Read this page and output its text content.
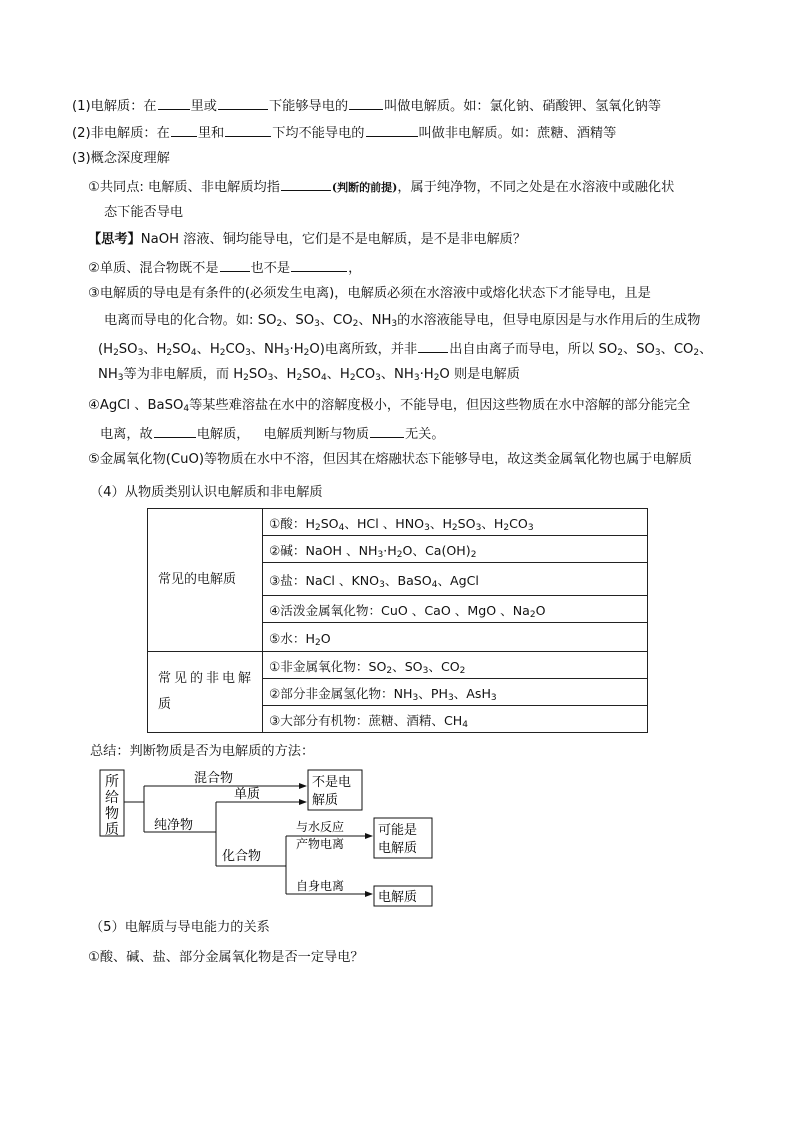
(1)电解质：在	里或	下能够导电的	叫做电解质。如：氯化钠、硝酸钾、氢氧化钠等
(2)非电解质：在 里和	下均不能导电的	叫做非电解质。如：蔗糖、酒精等
(3)概念深度理解
①共同点: 电解质、非电解质均指	(判断的前提)，属于纯净物，不同之处是在水溶液中或融化状
态下能否导电
【思考】NaOH 溶液、铜均能导电，它们是不是电解质，是不是非电解质？
②单质、混合物既不是 也不是	，
③电解质的导电是有条件的(必须发生电离)，电解质必须在水溶液中或熔化状态下才能导电，且是
电离而导电的化合物。如: $SO_2$、$SO_3$、$CO_2$、$NH_3$的水溶液能导电，但导电原因是与水作用后的生成物
($H_2SO_3$、$H_2SO_4$、$H_2CO_3$、$NH_3\cdot H_2O$)电离所致，并非 出自由离子而导电，所以 $SO_2$、$SO_3$、$CO_2$、
$NH_3$等为非电解质，而 $H_2SO_3$、$H_2SO_4$、$H_2CO_3$、$NH_3\cdot H_2O$ 则是电解质
④AgCl 、BaSO$_4$等某些难溶盐在水中的溶解度极小，不能导电，但因这些物质在水中溶解的部分能完全
电离，故	电解质， 电解质判断与物质	无关。
⑤金属氧化物(CuO)等物质在水中不溶，但因其在熔融状态下能够导电，故这类金属氧化物也属于电解质
（4）从物质类别认识电解质和非电解质
常见的电解质	①酸：$H_2SO_4$、HCl 、$HNO_3$、$H_2SO_3$、$H_2CO_3$
	②碱：NaOH 、$NH_3\cdot H_2O$、$Ca(OH)_2$
	③盐：NaCl 、$KNO_3$、BaSO$_4$、AgCl
	④活泼金属氧化物：CuO 、CaO 、MgO 、$Na_2O$
	⑤水：$H_2O$
常见的非电解质	①非金属氧化物：$SO_2$、$SO_3$、$CO_2$
	②部分非金属氢化物：$NH_3$、$PH_3$、AsH$_3$
	③大部分有机物：蔗糖、酒精、$CH_4$
总结：判断物质是否为电解质的方法：
所
给
物
质
混合物
单质
纯净物
化合物
与水反应
产物电离
自身电离
不是电
解质
可能是
电解质
电解质
（5）电解质与导电能力的关系
①酸、碱、盐、部分金属氧化物是否一定导电？
